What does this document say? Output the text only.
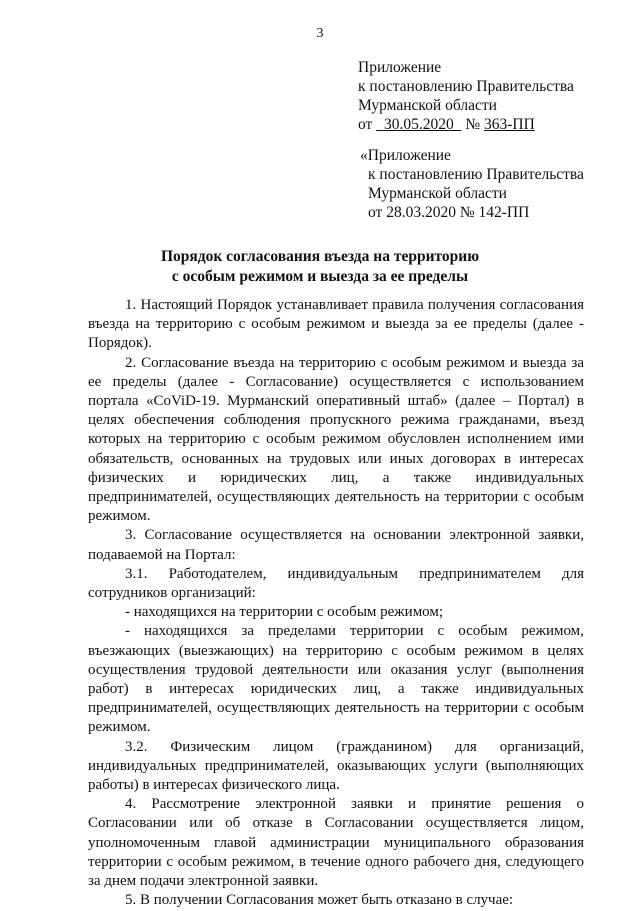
3
Приложение
к постановлению Правительства
Мурманской области
от 30.05.2020 № 363-ПП
«Приложение
к постановлению Правительства
Мурманской области
от 28.03.2020 № 142-ПП
Порядок согласования въезда на территорию
с особым режимом и выезда за ее пределы

1. Настоящий Порядок устанавливает правила получения согласования въезда на территорию с особым режимом и выезда за ее пределы (далее - Порядок).

2. Согласование въезда на территорию с особым режимом и выезда за ее пределы (далее - Согласование) осуществляется с использованием портала «CoViD-19. Мурманский оперативный штаб» (далее – Портал) в целях обеспечения соблюдения пропускного режима гражданами, въезд которых на территорию с особым режимом обусловлен исполнением ими обязательств, основанных на трудовых или иных договорах в интересах физических и юридических лиц, а также индивидуальных предпринимателей, осуществляющих деятельность на территории с особым режимом.

3. Согласование осуществляется на основании электронной заявки, подаваемой на Портал:

3.1. Работодателем, индивидуальным предпринимателем для

сотрудников организаций:

- находящихся на территории с особым режимом;

- находящихся за пределами территории с особым режимом,

въезжающих (выезжающих) на территорию с особым режимом в целях осуществления трудовой деятельности или оказания услуг (выполнения работ) в интересах юридических лиц, а также индивидуальных предпринимателей, осуществляющих деятельность на территории с особым режимом.

3.2. Физическим лицом (гражданином) для организаций,

индивидуальных предпринимателей, оказывающих услуги (выполняющих работы) в интересах физического лица.

4. Рассмотрение электронной заявки и принятие решения о Согласовании или об отказе в Согласовании осуществляется лицом, уполномоченным главой администрации муниципального образования территории с особым режимом, в течение одного рабочего дня, следующего за днем подачи электронной заявки.

5. В получении Согласования может быть отказано в случае:
